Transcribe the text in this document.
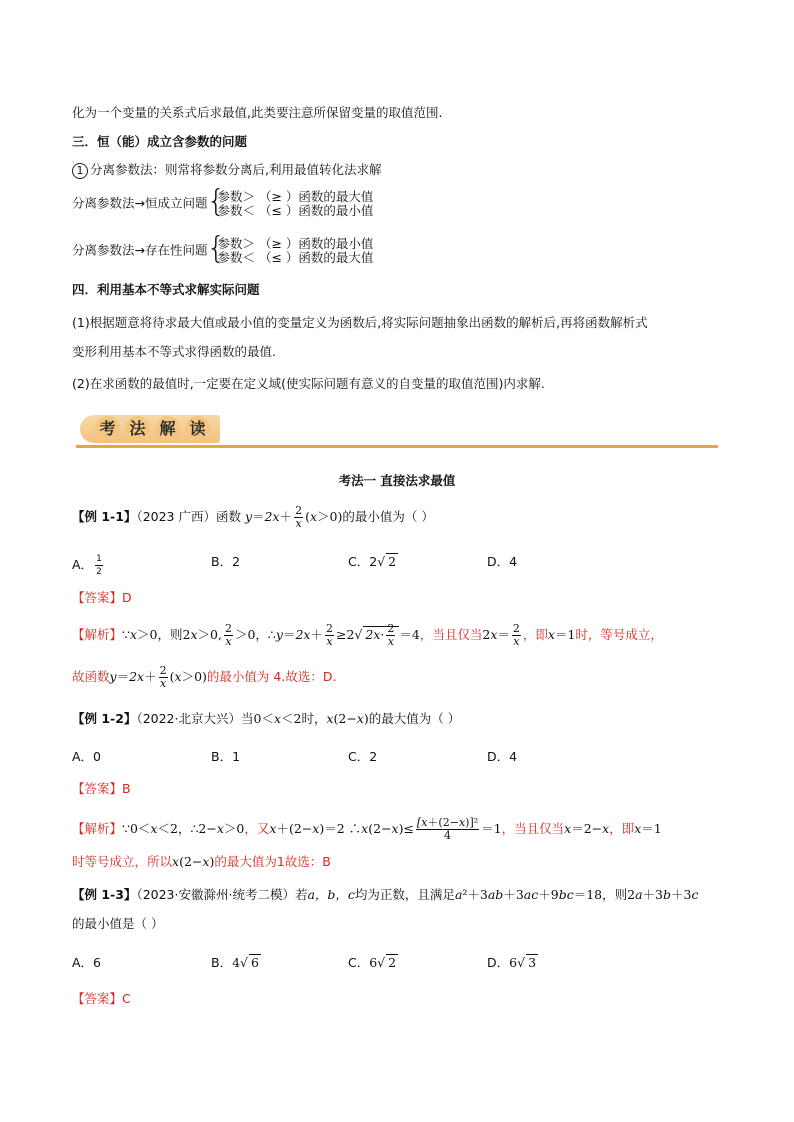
化为一个变量的关系式后求最值,此类要注意所保留变量的取值范围.
三．恒（能）成立含参数的问题
1 分离参数法：则常将参数分离后,利用最值转化法求解
分离参数法→恒成立问题 {
参数＞ （≥ ）函数的最大值
参数＜ （≤ ）函数的最小值
分离参数法→存在性问题 {
参数＞ （≥ ）函数的最小值
参数＜ （≤ ）函数的最大值
四．利用基本不等式求解实际问题
(1)根据题意将待求最大值或最小值的变量定义为函数后,将实际问题抽象出函数的解析后,再将函数解析式
变形利用基本不等式求得函数的最值.
(2)在求函数的最值时,一定要在定义域(使实际问题有意义的自变量的取值范围)内求解.
考 法 解 读
考法一 直接法求最值
【例 1-1】（2023 广西）函数 $y=2x+ \frac{2}{x} (x>0)$的最小值为（ ）
A． $\frac{1}{2}$	B．2	C．2√ 2	D．4
【答案】D
【解析】∵x＞0，则2x＞0, $\frac{2}{x} >0$，∴y＝2x＋ $\frac{2}{x} \ge 2√$ $2x\cdot \frac{2}{x} =4$，当且仅当$2x= \frac{2}{x}$ ，即x＝1时，等号成立，
故函数$y=2x+ \frac{2}{x} (x>0)$的最小值为 4.故选：D.
【例 1-2】（2022·北京大兴）当0＜x＜2时，x(2−x)的最大值为（ ）
A．0	B．1	C．2	D．4
【答案】B
【解析】∵0＜x＜2，∴2−x＞0，又x＋(2−x)＝2 ∴x(2−x)≤ $\frac{\text{[x＋(2−x)]²}}{4} =1$，当且仅当x＝2−x，即x＝1
时等号成立，所以x(2−x)的最大值为1故选：B
【例 1-3】（2023·安徽滁州·统考二模）若a，b，c均为正数，且满足a²＋3ab＋3ac＋9bc＝18，则2a＋3b＋3c
的最小值是（ ）
A．6	B．4√ 6	C．6√ 2	D．6√ 3
【答案】C
